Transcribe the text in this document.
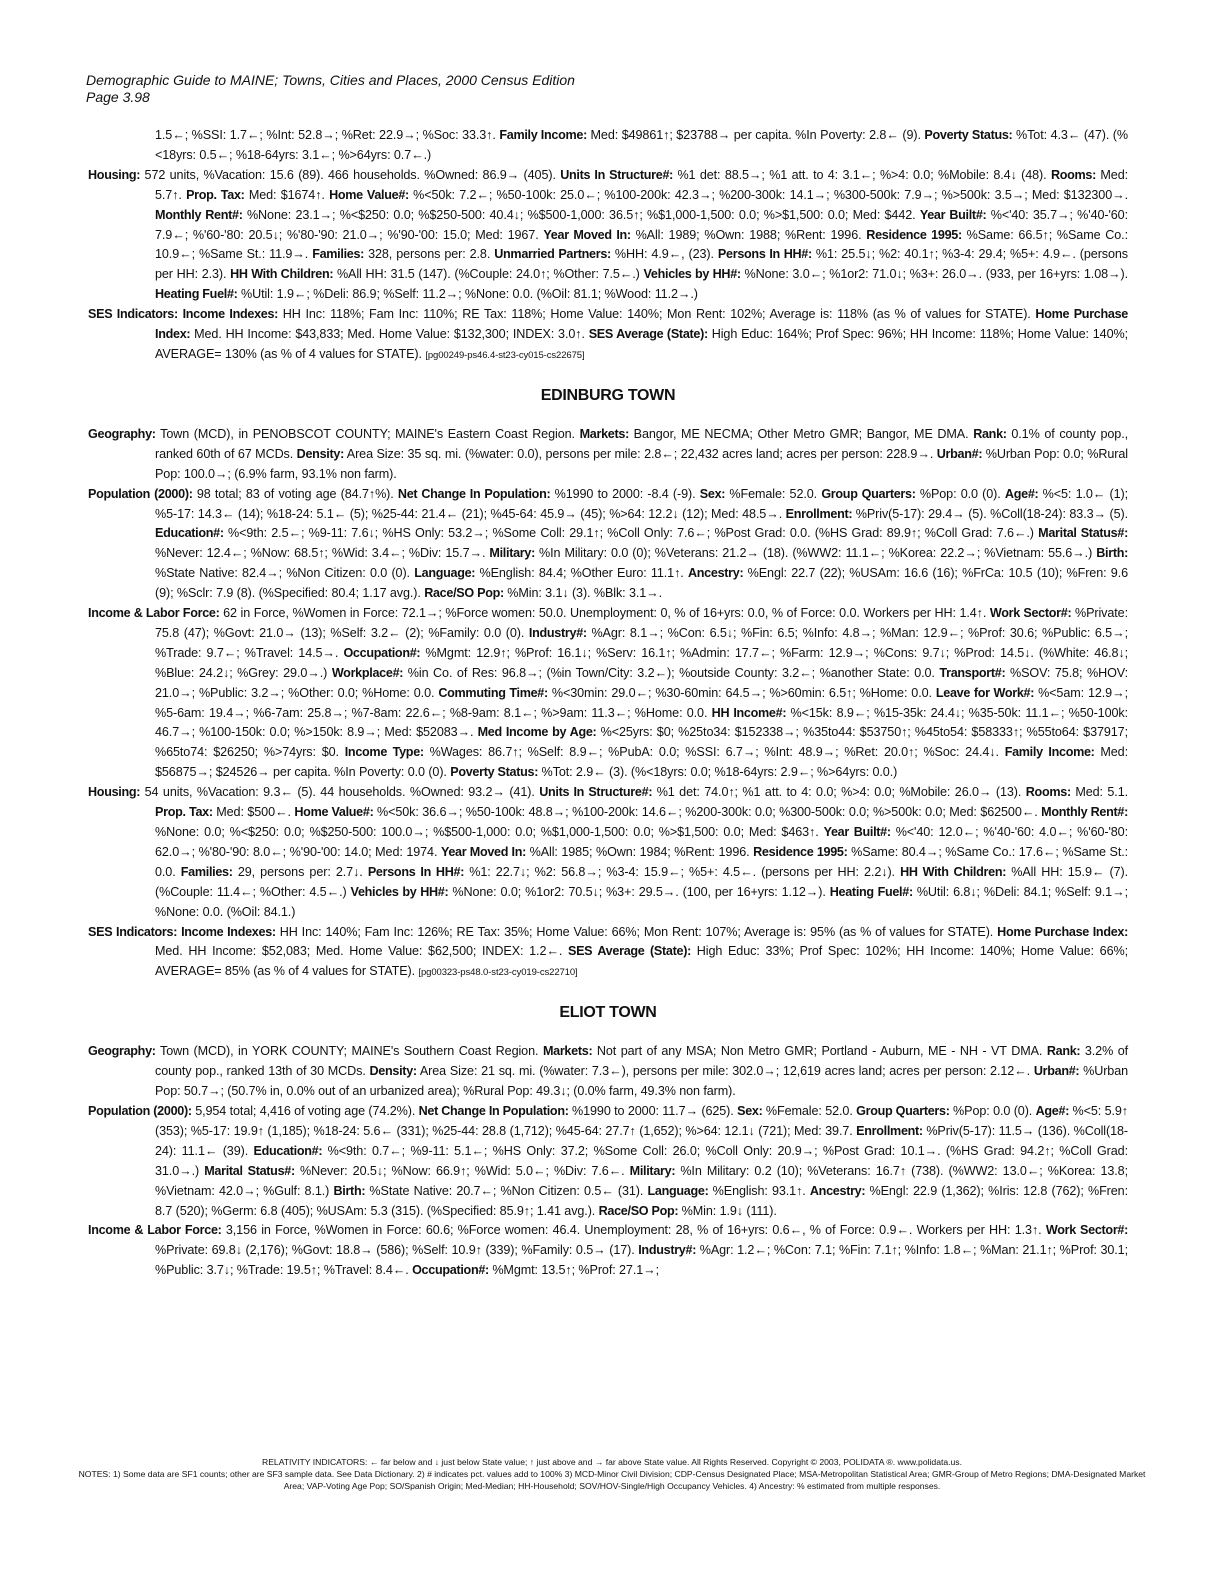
Demographic Guide to MAINE; Towns, Cities and Places, 2000 Census Edition
Page 3.98

1.5←; %SSI: 1.7←; %Int: 52.8→; %Ret: 22.9→; %Soc: 33.3↑. Family Income: Med: $49861↑; $23788→ per capita. %In Poverty: 2.8← (9). Poverty Status: %Tot: 4.3← (47). (%<18yrs: 0.5←; %18-64yrs: 3.1←; %>64yrs: 0.7←.)

Housing: 572 units, %Vacation: 15.6 (89). 466 households. %Owned: 86.9→ (405). Units In Structure#: %1 det: 88.5→; %1 att. to 4: 3.1←; %>4: 0.0; %Mobile: 8.4↓ (48). Rooms: Med: 5.7↑. Prop. Tax: Med: $1674↑. Home Value#: %<50k: 7.2←; %50-100k: 25.0←; %100-200k: 42.3→; %200-300k: 14.1→; %300-500k: 7.9→; %>500k: 3.5→; Med: $132300→. Monthly Rent#: %None: 23.1→; %<$250: 0.0; %$250-500: 40.4↓; %$500-1,000: 36.5↑; %$1,000-1,500: 0.0; %>$1,500: 0.0; Med: $442. Year Built#: %<'40: 35.7→; %'40-'60: 7.9←; %'60-'80: 20.5↓; %'80-'90: 21.0→; %'90-'00: 15.0; Med: 1967. Year Moved In: %All: 1989; %Own: 1988; %Rent: 1996. Residence 1995: %Same: 66.5↑; %Same Co.: 10.9←; %Same St.: 11.9→. Families: 328, persons per: 2.8. Unmarried Partners: %HH: 4.9←, (23). Persons In HH#: %1: 25.5↓; %2: 40.1↑; %3-4: 29.4; %5+: 4.9←. (persons per HH: 2.3). HH With Children: %All HH: 31.5 (147). (%Couple: 24.0↑; %Other: 7.5←.) Vehicles by HH#: %None: 3.0←; %1or2: 71.0↓; %3+: 26.0→. (933, per 16+yrs: 1.08→). Heating Fuel#: %Util: 1.9←; %Deli: 86.9; %Self: 11.2→; %None: 0.0. (%Oil: 81.1; %Wood: 11.2→.)

SES Indicators: Income Indexes: HH Inc: 118%; Fam Inc: 110%; RE Tax: 118%; Home Value: 140%; Mon Rent: 102%; Average is: 118% (as % of values for STATE). Home Purchase Index: Med. HH Income: $43,833; Med. Home Value: $132,300; INDEX: 3.0↑. SES Average (State): High Educ: 164%; Prof Spec: 96%; HH Income: 118%; Home Value: 140%; AVERAGE= 130% (as % of 4 values for STATE). [pg00249-ps46.4-st23-cy015-cs22675]

EDINBURG TOWN

Geography: Town (MCD), in PENOBSCOT COUNTY; MAINE's Eastern Coast Region. Markets: Bangor, ME NECMA; Other Metro GMR; Bangor, ME DMA. Rank: 0.1% of county pop., ranked 60th of 67 MCDs. Density: Area Size: 35 sq. mi. (%water: 0.0), persons per mile: 2.8←; 22,432 acres land; acres per person: 228.9→. Urban#: %Urban Pop: 0.0; %Rural Pop: 100.0→; (6.9% farm, 93.1% non farm).

Population (2000): 98 total; 83 of voting age (84.7↑%). Net Change In Population: %1990 to 2000: -8.4 (-9). Sex: %Female: 52.0. Group Quarters: %Pop: 0.0 (0). Age#: %<5: 1.0← (1); %5-17: 14.3← (14); %18-24: 5.1← (5); %25-44: 21.4← (21); %45-64: 45.9→ (45); %>64: 12.2↓ (12); Med: 48.5→. Enrollment: %Priv(5-17): 29.4→ (5). %Coll(18-24): 83.3→ (5). Education#: %<9th: 2.5←; %9-11: 7.6↓; %HS Only: 53.2→; %Some Coll: 29.1↑; %Coll Only: 7.6←; %Post Grad: 0.0. (%HS Grad: 89.9↑; %Coll Grad: 7.6←.) Marital Status#: %Never: 12.4←; %Now: 68.5↑; %Wid: 3.4←; %Div: 15.7→. Military: %In Military: 0.0 (0); %Veterans: 21.2→ (18). (%WW2: 11.1←; %Korea: 22.2→; %Vietnam: 55.6→.) Birth: %State Native: 82.4→; %Non Citizen: 0.0 (0). Language: %English: 84.4; %Other Euro: 11.1↑. Ancestry: %Engl: 22.7 (22); %USAm: 16.6 (16); %FrCa: 10.5 (10); %Fren: 9.6 (9); %Sclr: 7.9 (8). (%Specified: 80.4; 1.17 avg.). Race/SO Pop: %Min: 3.1↓ (3). %Blk: 3.1→.

Income & Labor Force: 62 in Force, %Women in Force: 72.1→; %Force women: 50.0. Unemployment: 0, % of 16+yrs: 0.0, % of Force: 0.0. Workers per HH: 1.4↑. Work Sector#: %Private: 75.8 (47); %Govt: 21.0→ (13); %Self: 3.2← (2); %Family: 0.0 (0). Industry#: %Agr: 8.1→; %Con: 6.5↓; %Fin: 6.5; %Info: 4.8→; %Man: 12.9←; %Prof: 30.6; %Public: 6.5→; %Trade: 9.7←; %Travel: 14.5→. Occupation#: %Mgmt: 12.9↑; %Prof: 16.1↓; %Serv: 16.1↑; %Admin: 17.7←; %Farm: 12.9→; %Cons: 9.7↓; %Prod: 14.5↓. (%White: 46.8↓; %Blue: 24.2↓; %Grey: 29.0→.) Workplace#: %in Co. of Res: 96.8→; (%in Town/City: 3.2←); %outside County: 3.2←; %another State: 0.0. Transport#: %SOV: 75.8; %HOV: 21.0→; %Public: 3.2→; %Other: 0.0; %Home: 0.0. Commuting Time#: %<30min: 29.0←; %30-60min: 64.5→; %>60min: 6.5↑; %Home: 0.0. Leave for Work#: %<5am: 12.9→; %5-6am: 19.4→; %6-7am: 25.8→; %7-8am: 22.6←; %8-9am: 8.1←; %>9am: 11.3←; %Home: 0.0. HH Income#: %<15k: 8.9←; %15-35k: 24.4↓; %35-50k: 11.1←; %50-100k: 46.7→; %100-150k: 0.0; %>150k: 8.9→; Med: $52083→. Med Income by Age: %<25yrs: $0; %25to34: $152338→; %35to44: $53750↑; %45to54: $58333↑; %55to64: $37917; %65to74: $26250; %>74yrs: $0. Income Type: %Wages: 86.7↑; %Self: 8.9←; %PubA: 0.0; %SSI: 6.7→; %Int: 48.9→; %Ret: 20.0↑; %Soc: 24.4↓. Family Income: Med: $56875→; $24526→ per capita. %In Poverty: 0.0 (0). Poverty Status: %Tot: 2.9← (3). (%<18yrs: 0.0; %18-64yrs: 2.9←; %>64yrs: 0.0.)

Housing: 54 units, %Vacation: 9.3← (5). 44 households. %Owned: 93.2→ (41). Units In Structure#: %1 det: 74.0↑; %1 att. to 4: 0.0; %>4: 0.0; %Mobile: 26.0→ (13). Rooms: Med: 5.1. Prop. Tax: Med: $500←. Home Value#: %<50k: 36.6→; %50-100k: 48.8→; %100-200k: 14.6←; %200-300k: 0.0; %300-500k: 0.0; %>500k: 0.0; Med: $62500←. Monthly Rent#: %None: 0.0; %<$250: 0.0; %$250-500: 100.0→; %$500-1,000: 0.0; %$1,000-1,500: 0.0; %>$1,500: 0.0; Med: $463↑. Year Built#: %<'40: 12.0←; %'40-'60: 4.0←; %'60-'80: 62.0→; %'80-'90: 8.0←; %'90-'00: 14.0; Med: 1974. Year Moved In: %All: 1985; %Own: 1984; %Rent: 1996. Residence 1995: %Same: 80.4→; %Same Co.: 17.6←; %Same St.: 0.0. Families: 29, persons per: 2.7↓. Persons In HH#: %1: 22.7↓; %2: 56.8→; %3-4: 15.9←; %5+: 4.5←. (persons per HH: 2.2↓). HH With Children: %All HH: 15.9← (7). (%Couple: 11.4←; %Other: 4.5←.) Vehicles by HH#: %None: 0.0; %1or2: 70.5↓; %3+: 29.5→. (100, per 16+yrs: 1.12→). Heating Fuel#: %Util: 6.8↓; %Deli: 84.1; %Self: 9.1→; %None: 0.0. (%Oil: 84.1.)

SES Indicators: Income Indexes: HH Inc: 140%; Fam Inc: 126%; RE Tax: 35%; Home Value: 66%; Mon Rent: 107%; Average is: 95% (as % of values for STATE). Home Purchase Index: Med. HH Income: $52,083; Med. Home Value: $62,500; INDEX: 1.2←. SES Average (State): High Educ: 33%; Prof Spec: 102%; HH Income: 140%; Home Value: 66%; AVERAGE= 85% (as % of 4 values for STATE). [pg00323-ps48.0-st23-cy019-cs22710]

ELIOT TOWN

Geography: Town (MCD), in YORK COUNTY; MAINE's Southern Coast Region. Markets: Not part of any MSA; Non Metro GMR; Portland - Auburn, ME - NH - VT DMA. Rank: 3.2% of county pop., ranked 13th of 30 MCDs. Density: Area Size: 21 sq. mi. (%water: 7.3←), persons per mile: 302.0→; 12,619 acres land; acres per person: 2.12←. Urban#: %Urban Pop: 50.7→; (50.7% in, 0.0% out of an urbanized area); %Rural Pop: 49.3↓; (0.0% farm, 49.3% non farm).

Population (2000): 5,954 total; 4,416 of voting age (74.2%). Net Change In Population: %1990 to 2000: 11.7→ (625). Sex: %Female: 52.0. Group Quarters: %Pop: 0.0 (0). Age#: %<5: 5.9↑ (353); %5-17: 19.9↑ (1,185); %18-24: 5.6← (331); %25-44: 28.8 (1,712); %45-64: 27.7↑ (1,652); %>64: 12.1↓ (721); Med: 39.7. Enrollment: %Priv(5-17): 11.5→ (136). %Coll(18-24): 11.1← (39). Education#: %<9th: 0.7←; %9-11: 5.1←; %HS Only: 37.2; %Some Coll: 26.0; %Coll Only: 20.9→; %Post Grad: 10.1→. (%HS Grad: 94.2↑; %Coll Grad: 31.0→.) Marital Status#: %Never: 20.5↓; %Now: 66.9↑; %Wid: 5.0←; %Div: 7.6←. Military: %In Military: 0.2 (10); %Veterans: 16.7↑ (738). (%WW2: 13.0←; %Korea: 13.8; %Vietnam: 42.0→; %Gulf: 8.1.) Birth: %State Native: 20.7←; %Non Citizen: 0.5← (31). Language: %English: 93.1↑. Ancestry: %Engl: 22.9 (1,362); %Iris: 12.8 (762); %Fren: 8.7 (520); %Germ: 6.8 (405); %USAm: 5.3 (315). (%Specified: 85.9↑; 1.41 avg.). Race/SO Pop: %Min: 1.9↓ (111).

Income & Labor Force: 3,156 in Force, %Women in Force: 60.6; %Force women: 46.4. Unemployment: 28, % of 16+yrs: 0.6←, % of Force: 0.9←. Workers per HH: 1.3↑. Work Sector#: %Private: 69.8↓ (2,176); %Govt: 18.8→ (586); %Self: 10.9↑ (339); %Family: 0.5→ (17). Industry#: %Agr: 1.2←; %Con: 7.1; %Fin: 7.1↑; %Info: 1.8←; %Man: 21.1↑; %Prof: 30.1; %Public: 3.7↓; %Trade: 19.5↑; %Travel: 8.4←. Occupation#: %Mgmt: 13.5↑; %Prof: 27.1→;

RELATIVITY INDICATORS: ← far below and ↓ just below State value; ↑ just above and → far above State value. All Rights Reserved. Copyright © 2003, POLIDATA ®. www.polidata.us.
NOTES: 1) Some data are SF1 counts; other are SF3 sample data. See Data Dictionary. 2) # indicates pct. values add to 100% 3) MCD-Minor Civil Division; CDP-Census Designated Place; MSA-Metropolitan Statistical Area; GMR-Group of Metro Regions; DMA-Designated Market Area; VAP-Voting Age Pop; SO/Spanish Origin; Med-Median; HH-Household; SOV/HOV-Single/High Occupancy Vehicles. 4) Ancestry: % estimated from multiple responses.
